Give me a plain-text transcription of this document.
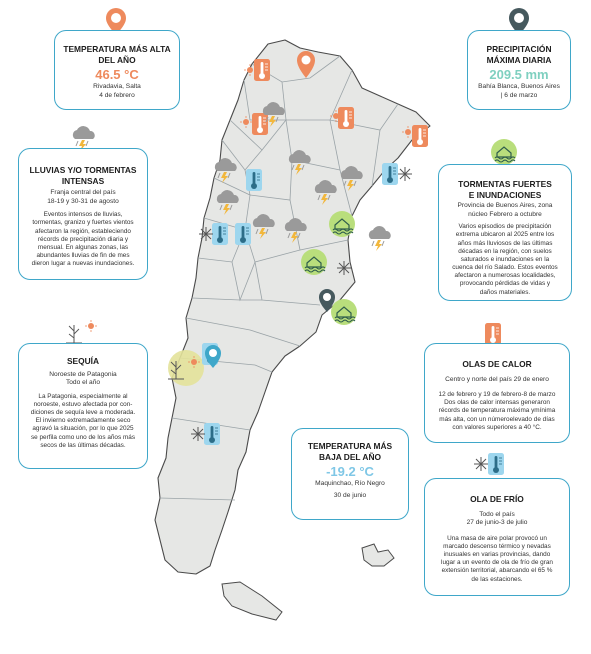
TEMPERATURA MÁS ALTA
DEL AÑO
46.5 °C
Rivadavia, Salta
4 de febrero
PRECIPITACIÓN
MÁXIMA DIARIA
209.5 mm
Bahía Blanca, Buenos Aires
| 6 de marzo
LLUVIAS Y/O TORMENTAS
INTENSAS
Franja central del país
18-19 y 30-31 de agosto
Eventos intensos de lluvias,
tormentas, granizo y fuertes vientos
afectaron la región, estableciendo
récords de precipitación diaria y
mensual. En algunas zonas, las
abundantes lluvias de fin de mes
dieron lugar a nuevas inundaciones.
TORMENTAS FUERTES
E INUNDACIONES
Provincia de Buenos Aires, zona
núcleo Febrero a octubre
Varios episodios de precipitación
extrema ubicaron al 2025 entre los
años más lluviosos de las últimas
décadas en la región, con suelos
saturados e inundaciones en la
cuenca del río Salado. Estos eventos
afectaron a numerosas localidades,
provocando pérdidas de vidas y
daños materiales.
SEQUÍA
Noroeste de Patagonia
Todo el año
La Patagonia, especialmente al
noroeste, estuvo afectada por con-
diciones de sequía leve a moderada.
El invierno extremadamente seco
agravó la situación, por lo que 2025
se perfila como uno de los años más
secos de las últimas décadas.
OLAS DE CALOR
Centro y norte del país 29 de enero
12 de febrero y 19 de febrero-8 de marzo
Dos olas de calor intensas generaron
récords de temperatura máxima ymínima
más alta, con un númeroelevado de días
con valores superiores a 40 °C.
TEMPERATURA MÁS
BAJA DEL AÑO
-19.2 °C
Maquinchao, Río Negro
30 de junio	OLA DE FRÍO
Todo el país
27 de junio-3 de julio
Una masa de aire polar provocó un
marcado descenso térmico y nevadas
inusuales en varias provincias, dando
lugar a un evento de ola de frío de gran
extensión territorial, abarcando el 65 %
de las estaciones.
